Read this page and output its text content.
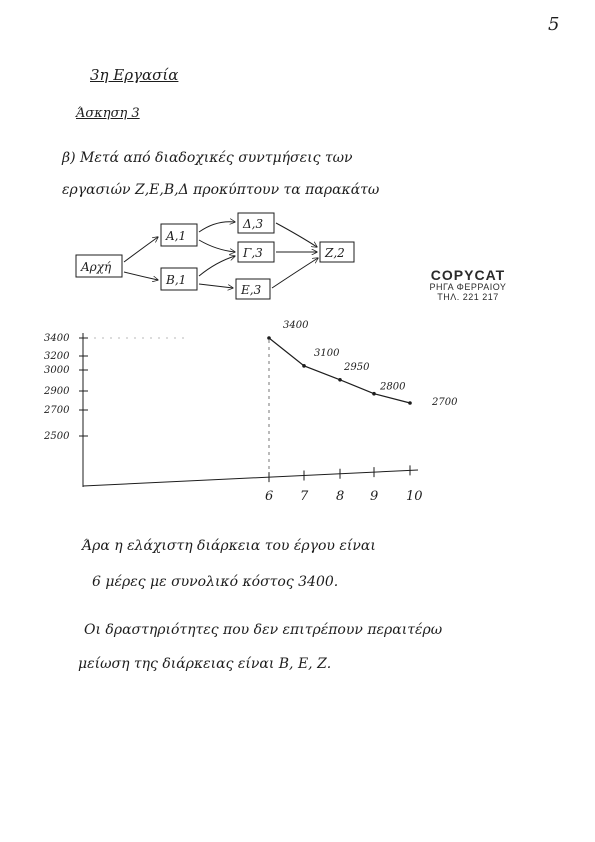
5
3η Εργασία
Άσκηση 3
β) Μετά από διαδοχικές συντμήσεις των
εργασιών Ζ,Ε,Β,Δ προκύπτουν τα παρακάτω
COPYCAT
ΡΗΓΑ ΦΕΡΡΑΙΟΥ
ΤΗΛ. 221 217
Αρχή
Α,1
Β,1
Δ,3
Γ,3
Ε,3
Ζ,2
3400
3200
3000
2900
2700
2500
6 7 8 9 10
3400
3100
2950
2800
2700
Άρα η ελάχιστη διάρκεια του έργου είναι
6 μέρες με συνολικό κόστος 3400.
Οι δραστηριότητες που δεν επιτρέπουν περαιτέρω
μείωση της διάρκειας είναι Β, Ε, Ζ.
